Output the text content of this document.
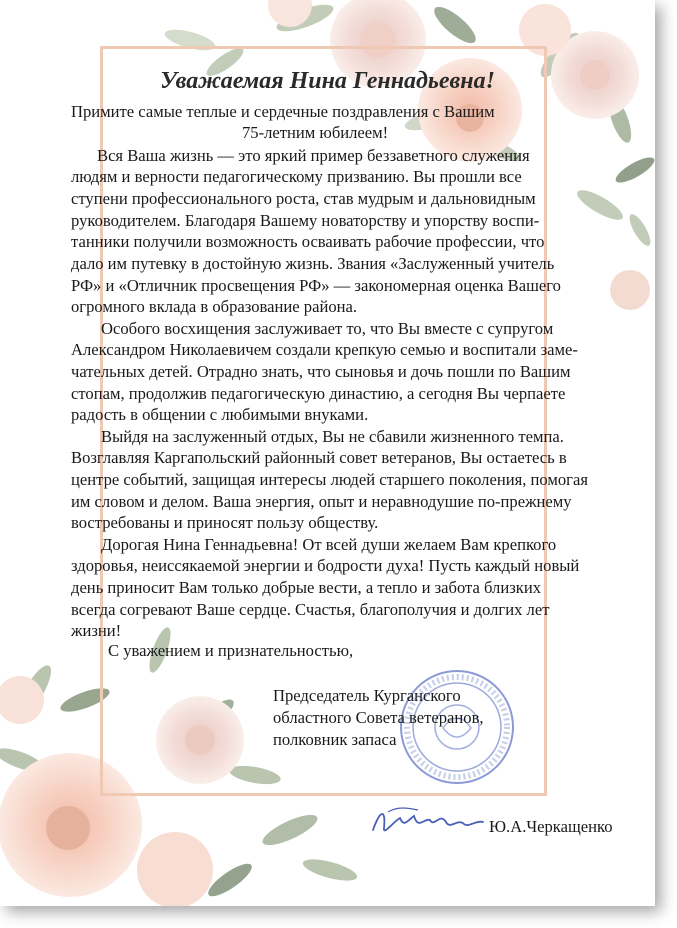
Уважаемая Нина Геннадьевна!
Примите самые теплые и сердечные поздравления с Вашим
75-летним юбилеем!
Вся Ваша жизнь — это яркий пример беззаветного служения
людям и верности педагогическому призванию. Вы прошли все
ступени профессионального роста, став мудрым и дальновидным
руководителем. Благодаря Вашему новаторству и упорству воспи-
танники получили возможность осваивать рабочие профессии, что
дало им путевку в достойную жизнь. Звания «Заслуженный учитель
РФ» и «Отличник просвещения РФ» — закономерная оценка Вашего
огромного вклада в образование района.
Особого восхищения заслуживает то, что Вы вместе с супругом
Александром Николаевичем создали крепкую семью и воспитали заме-
чательных детей. Отрадно знать, что сыновья и дочь пошли по Вашим
стопам, продолжив педагогическую династию, а сегодня Вы черпаете
радость в общении с любимыми внуками.
Выйдя на заслуженный отдых, Вы не сбавили жизненного темпа.
Возглавляя Каргапольский районный совет ветеранов, Вы остаетесь в
центре событий, защищая интересы людей старшего поколения, помогая
им словом и делом. Ваша энергия, опыт и неравнодушие по-прежнему
востребованы и приносят пользу обществу.
Дорогая Нина Геннадьевна! От всей души желаем Вам крепкого
здоровья, неиссякаемой энергии и бодрости духа! Пусть каждый новый
день приносит Вам только добрые вести, а тепло и забота близких
всегда согревают Ваше сердце. Счастья, благополучия и долгих лет
жизни!
С уважением и признательностью,
Председатель Курганского
областного Совета ветеранов,
полковник запаса
Ю.А.Черкащенко
